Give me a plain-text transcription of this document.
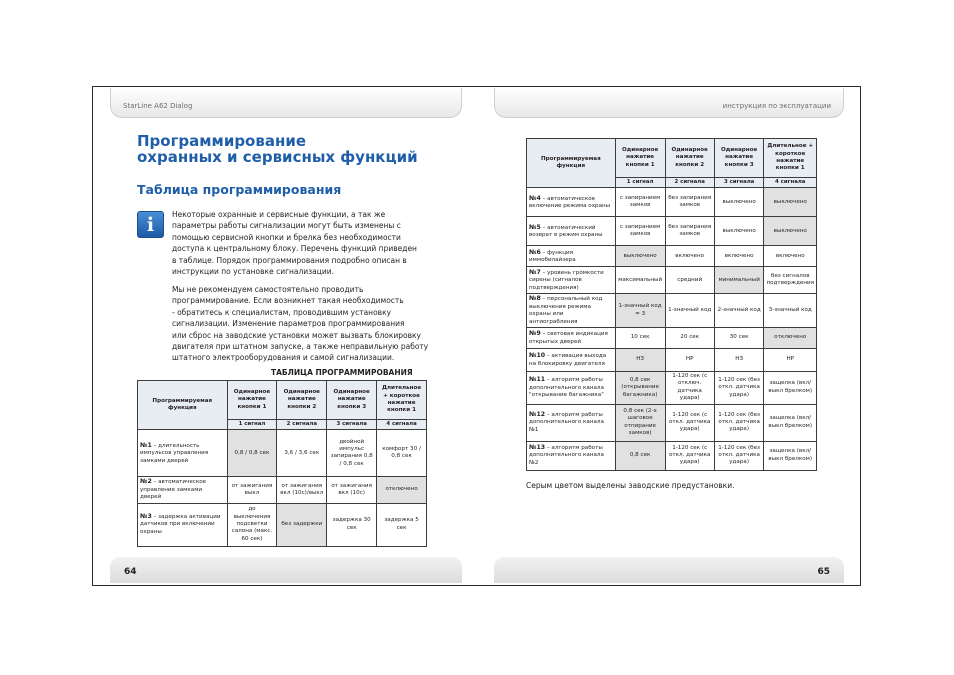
StarLine A62 Dialog	инструкция по эксплуатации
Программирование
охранных и сервисных функций
Таблица программирования
i	Некоторые охранные и сервисные функции, а так же
параметры работы сигнализации могут быть изменены с
помощью сервисной кнопки и брелка без необходимости
доступа к центральному блоку. Перечень функций приведен
в таблице. Порядок программирования подробно описан в
инструкции по установке сигнализации.
Мы не рекомендуем самостоятельно проводить
программирование. Если возникнет такая необходимость
- обратитесь к специалистам, проводившим установку
сигнализации. Изменение параметров программирования
или сброс на заводские установки может вызвать блокировку
двигателя при штатном запуске, а также неправильную работу
штатного электрооборудования и самой сигнализации.
ТАБЛИЦА ПРОГРАММИРОВАНИЯ
Программируемая функция	Одинарное нажатие кнопки 1	Одинарное нажатие кнопки 2	Одинарное нажатие кнопки 3	Длительное + короткое нажатие кнопки 1
	1 сигнал	2 сигнала	3 сигнала	4 сигнала
№1 – длительность импульсов управления замками дверей	0,8 / 0,8 сек	3,6 / 3,6 сек	двойной импульс запирания 0,8 / 0,8 сек	комфорт 30 / 0,8 сек
№2 – автоматическое управление замками дверей	от зажигания выкл	от зажигания вкл (10с)/выкл	от зажигания вкл (10с)	отключено
№3 – задержка активации датчиков при включении охраны	до выключения подсветки салона (макс. 60 сек)	без задержки	задержка 30 сек	задержка 5 сек
Программируемая функция	Одинарное нажатие кнопки 1	Одинарное нажатие кнопки 2	Одинарное нажатие кнопки 3	Длительное + короткое нажатие кнопки 1
	1 сигнал	2 сигнала	3 сигнала	4 сигнала
№4 – автоматическое включение режима охраны	с запиранием замков	без запирания замков	выключено	выключено
№5 – автоматический возврат в режим охраны	с запиранием замков	без запирания замков	выключено	выключено
№6 – функция иммобилайзера	выключено	включено	включено	включено
№7 – уровень громкости сирены (сигналов подтверждения)	максимальный	средний	минимальный	без сигналов подтверждения
№8 – персональный код выключения режима охраны или антиограбления	1-значный код = 3	1-значный код	2-значный код	3-значный код
№9 – световая индикация открытых дверей	10 сек	20 сек	30 сек	отключено
№10 – активация выхода на блокировку двигателя	НЗ	НР	НЗ	НР
№11 – алгоритм работы дополнительного канала "открывание багажника"	0,8 сек (открывание багажника)	1-120 сек (с отключ. датчика удара)	1-120 сек (без откл. датчика удара)	защелка (вкл/выкл брелком)
№12 – алгоритм работы дополнительного канала №1	0,8 сек (2-х шаговое отпирание замков)	1-120 сек (с откл. датчика удара)	1-120 сек (без откл. датчика удара)	защелка (вкл/выкл брелком)
№13 – алгоритм работы дополнительного канала №2	0,8 сек	1-120 сек (с откл. датчика удара)	1-120 сек (без откл. датчика удара)	защелка (вкл/выкл брелком)
Серым цветом выделены заводские предустановки.
64	65
